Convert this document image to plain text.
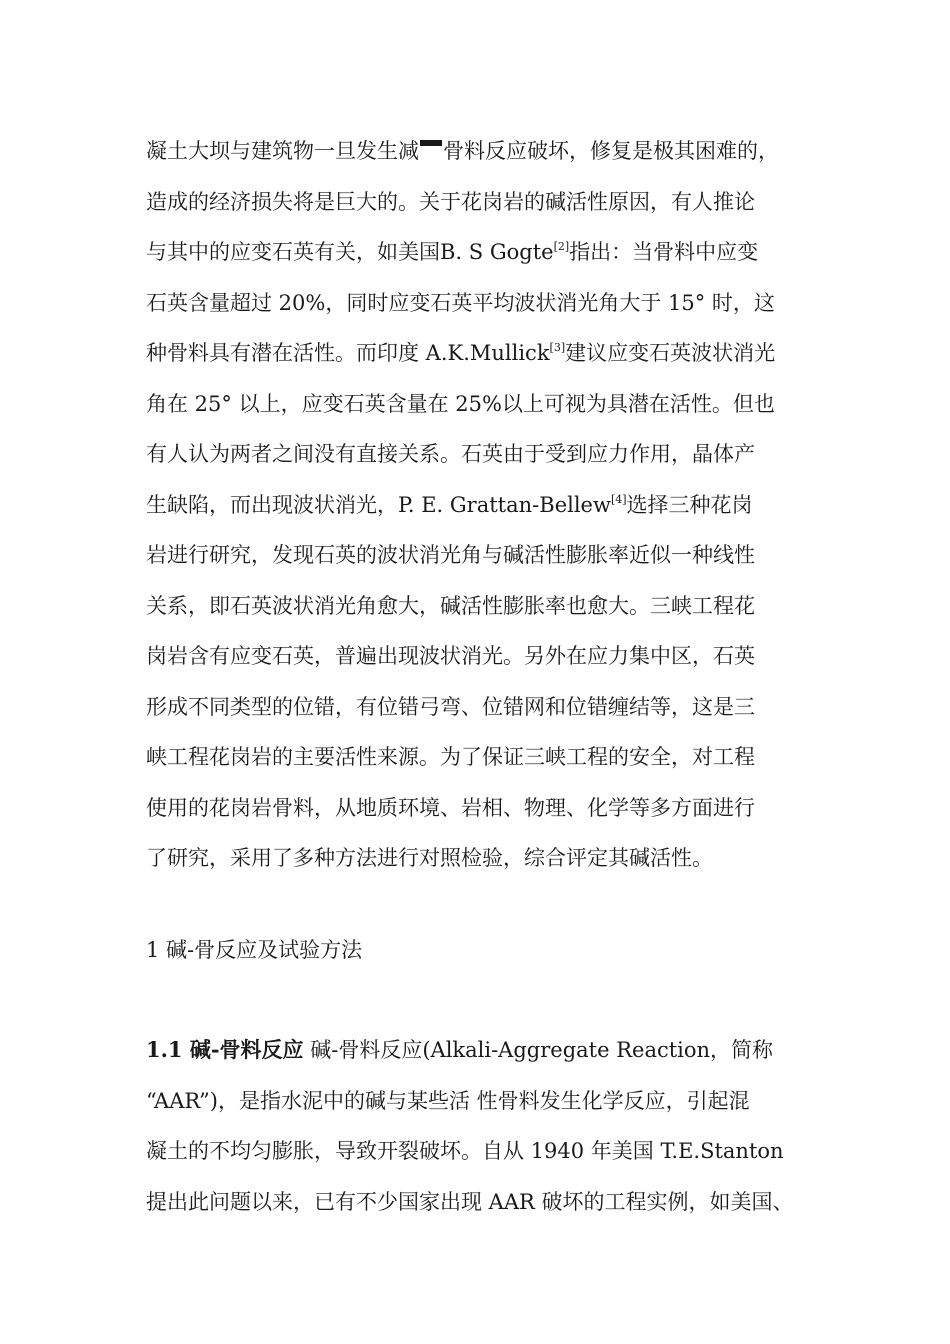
凝土大坝与建筑物一旦发生减 骨料反应破坏，修复是极其困难的，
造成的经济损失将是巨大的。关于花岗岩的碱活性原因，有人推论
与其中的应变石英有关，如美国B. S Gogte[2]指出：当骨料中应变
石英含量超过 20%，同时应变石英平均波状消光角大于 15° 时，这
种骨料具有潜在活性。而印度 A.K.Mullick[3]建议应变石英波状消光
角在 25° 以上，应变石英含量在 25%以上可视为具潜在活性。但也
有人认为两者之间没有直接关系。石英由于受到应力作用，晶体产
生缺陷，而出现波状消光，P. E. Grattan-Bellew[4]选择三种花岗
岩进行研究，发现石英的波状消光角与碱活性膨胀率近似一种线性
关系，即石英波状消光角愈大，碱活性膨胀率也愈大。三峡工程花
岗岩含有应变石英，普遍出现波状消光。另外在应力集中区，石英
形成不同类型的位错，有位错弓弯、位错网和位错缠结等，这是三
峡工程花岗岩的主要活性来源。为了保证三峡工程的安全，对工程
使用的花岗岩骨料，从地质环境、岩相、物理、化学等多方面进行
了研究，采用了多种方法进行对照检验，综合评定其碱活性。

1 碱-骨反应及试验方法

1.1 碱-骨料反应 碱-骨料反应(Alkali-Aggregate Reaction，简称
“AAR”)，是指水泥中的碱与某些活 性骨料发生化学反应，引起混
凝土的不均匀膨胀，导致开裂破坏。自从 1940 年美国 T.E.Stanton
提出此问题以来，已有不少国家出现 AAR 破坏的工程实例，如美国、
